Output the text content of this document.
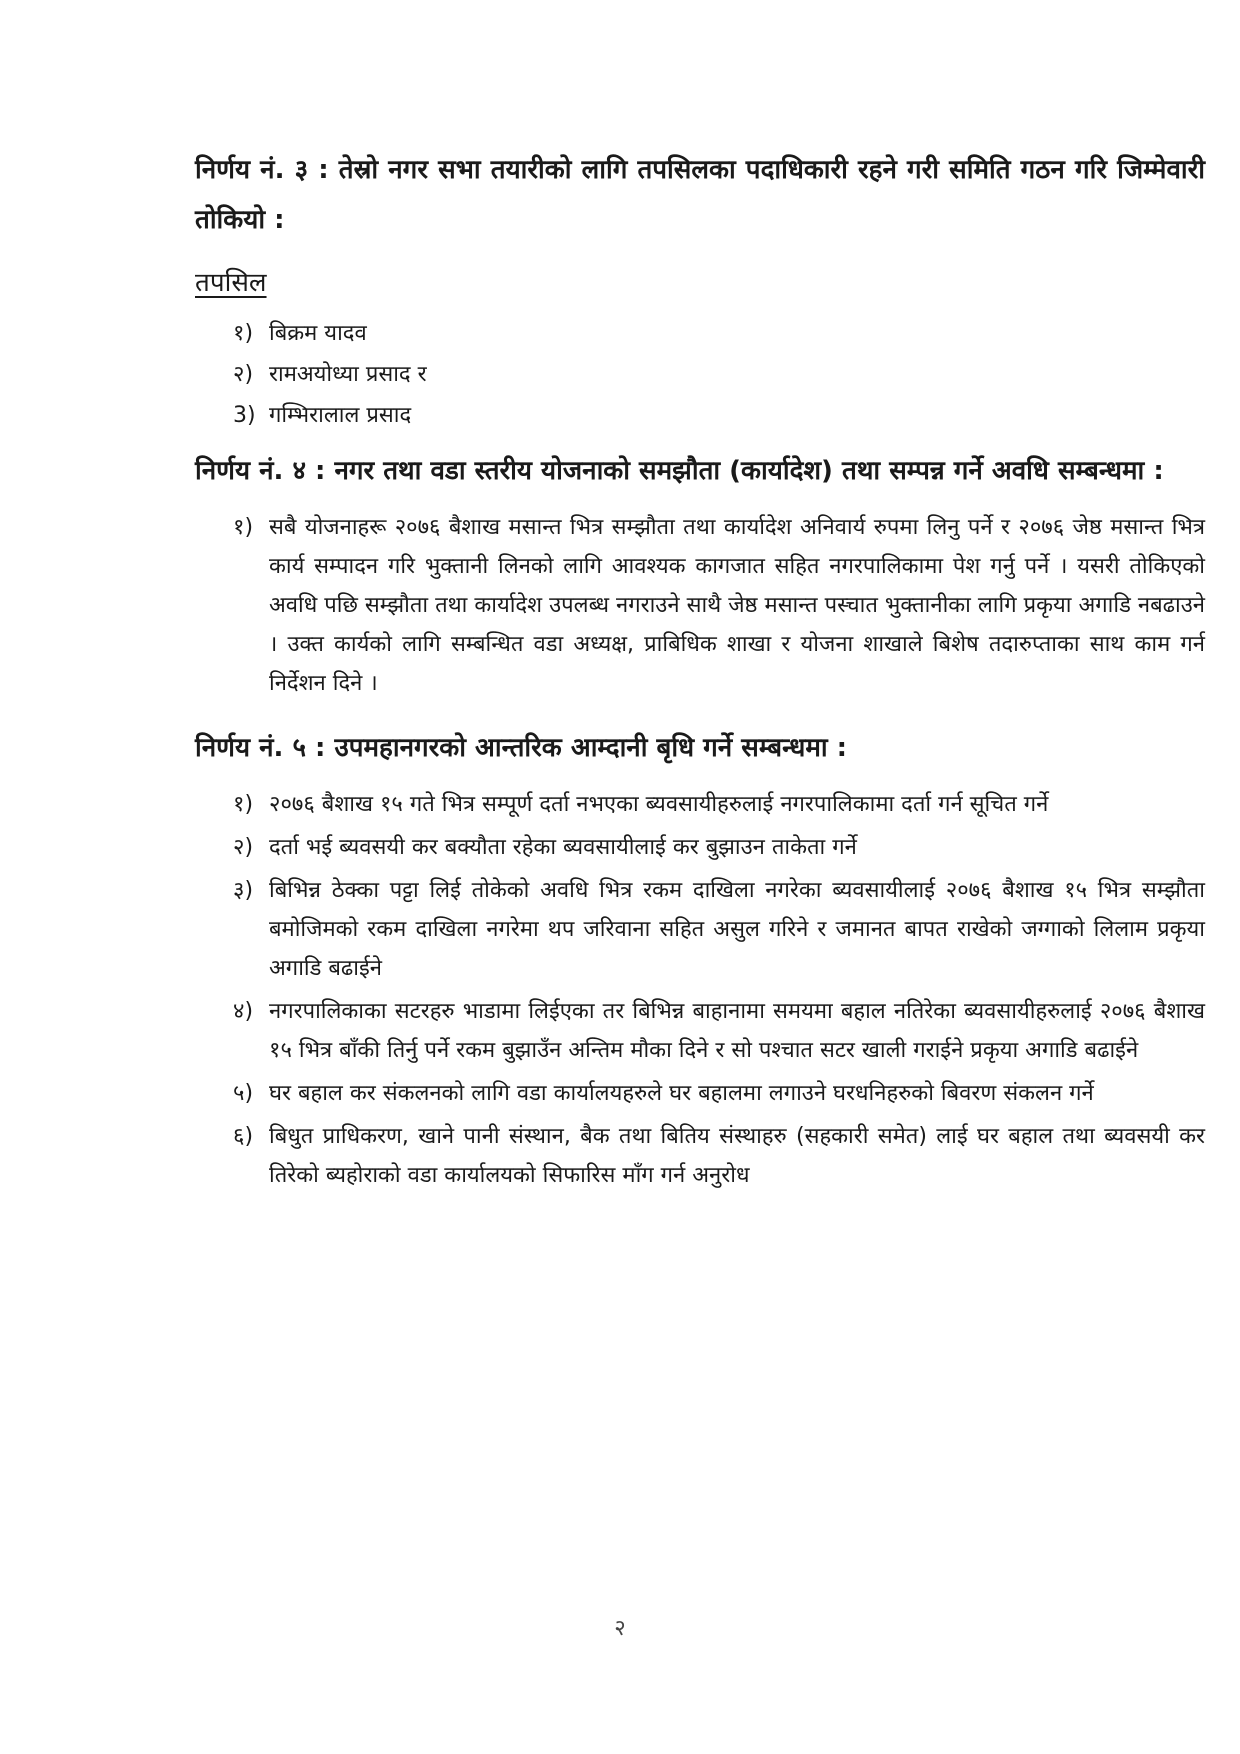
निर्णय नं. ३ : तेस्रो नगर सभा तयारीको लागि तपसिलका पदाधिकारी रहने गरी समिति गठन गरि जिम्मेवारी तोकियो :

तपसिल
१) बिक्रम यादव
२) रामअयोध्या प्रसाद र
3) गम्भिरालाल प्रसाद

निर्णय नं. ४ : नगर तथा वडा स्तरीय योजनाको समझौता (कार्यादेश) तथा सम्पन्न गर्ने अवधि सम्बन्धमा :

१) सबै योजनाहरू २०७६ बैशाख मसान्त भित्र सम्झौता तथा कार्यादेश अनिवार्य रुपमा लिनु पर्ने र २०७६ जेष्ठ मसान्त भित्र कार्य सम्पादन गरि भुक्तानी लिनको लागि आवश्यक कागजात सहित नगरपालिकामा पेश गर्नु पर्ने । यसरी तोकिएको अवधि पछि सम्झौता तथा कार्यादेश उपलब्ध नगराउने साथै जेष्ठ मसान्त पस्चात भुक्तानीका लागि प्रकृया अगाडि नबढाउने । उक्त कार्यको लागि सम्बन्धित वडा अध्यक्ष, प्राबिधिक शाखा र योजना शाखाले बिशेष तदारुप्ताका साथ काम गर्न निर्देशन दिने ।

निर्णय नं. ५ : उपमहानगरको आन्तरिक आम्दानी बृधि गर्ने सम्बन्धमा :

१) २०७६ बैशाख १५ गते भित्र सम्पूर्ण दर्ता नभएका ब्यवसायीहरुलाई नगरपालिकामा दर्ता गर्न सूचित गर्ने
२) दर्ता भई ब्यवसयी कर बक्यौता रहेका ब्यवसायीलाई कर बुझाउन ताकेता गर्ने
३) बिभिन्न ठेक्का पट्टा लिई तोकेको अवधि भित्र रकम दाखिला नगरेका ब्यवसायीलाई २०७६ बैशाख १५ भित्र सम्झौता बमोजिमको रकम दाखिला नगरेमा थप जरिवाना सहित असुल गरिने र जमानत बापत राखेको जग्गाको लिलाम प्रकृया अगाडि बढाईने
४) नगरपालिकाका सटरहरु भाडामा लिईएका तर बिभिन्न बाहानामा समयमा बहाल नतिरेका ब्यवसायीहरुलाई २०७६ बैशाख १५ भित्र बाँकी तिर्नु पर्ने रकम बुझाउँन अन्तिम मौका दिने र सो पश्चात सटर खाली गराईने प्रकृया अगाडि बढाईने
५) घर बहाल कर संकलनको लागि वडा कार्यालयहरुले घर बहालमा लगाउने घरधनिहरुको बिवरण संकलन गर्ने
६) बिधुत प्राधिकरण, खाने पानी संस्थान, बैक तथा बितिय संस्थाहरु (सहकारी समेत) लाई घर बहाल तथा ब्यवसयी कर तिरेको ब्यहोराको वडा कार्यालयको सिफारिस माँग गर्न अनुरोध
२
